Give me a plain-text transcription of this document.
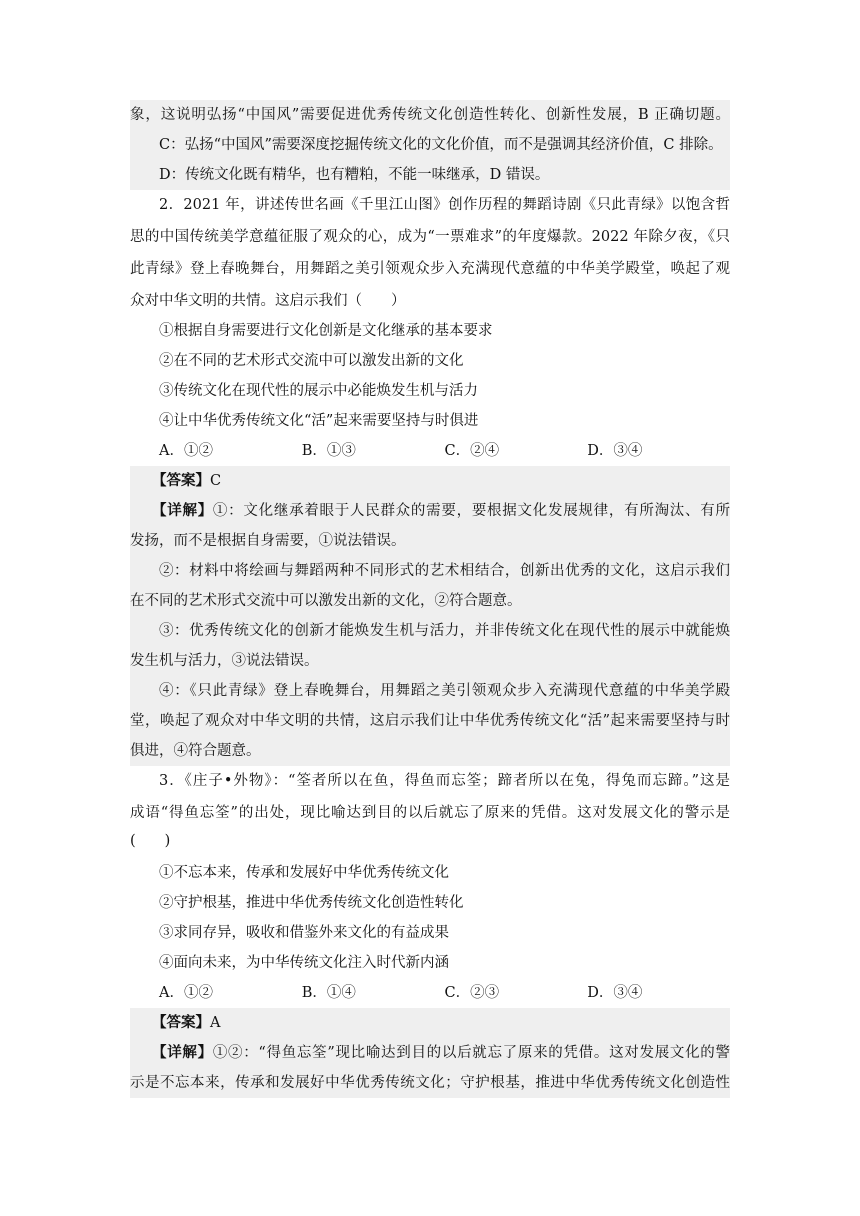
象，这说明弘扬“中国风”需要促进优秀传统文化创造性转化、创新性发展，B 正确切题。
C：弘扬“中国风”需要深度挖掘传统文化的文化价值，而不是强调其经济价值，C 排除。
D：传统文化既有精华，也有糟粕，不能一味继承，D 错误。
2．2021 年，讲述传世名画《千里江山图》创作历程的舞蹈诗剧《只此青绿》以饱含哲
思的中国传统美学意蕴征服了观众的心，成为“一票难求”的年度爆款。2022 年除夕夜，《只
此青绿》登上春晚舞台，用舞蹈之美引领观众步入充满现代意蕴的中华美学殿堂，唤起了观
众对中华文明的共情。这启示我们（　　）
①根据自身需要进行文化创新是文化继承的基本要求
②在不同的艺术形式交流中可以激发出新的文化
③传统文化在现代性的展示中必能焕发生机与活力
④让中华优秀传统文化“活”起来需要坚持与时俱进
A．①②	B．①③	C．②④	D．③④
【答案】C
【详解】①：文化继承着眼于人民群众的需要，要根据文化发展规律，有所淘汰、有所
发扬，而不是根据自身需要，①说法错误。
②：材料中将绘画与舞蹈两种不同形式的艺术相结合，创新出优秀的文化，这启示我们
在不同的艺术形式交流中可以激发出新的文化，②符合题意。
③：优秀传统文化的创新才能焕发生机与活力，并非传统文化在现代性的展示中就能焕
发生机与活力，③说法错误。
④：《只此青绿》登上春晚舞台，用舞蹈之美引领观众步入充满现代意蕴的中华美学殿
堂，唤起了观众对中华文明的共情，这启示我们让中华优秀传统文化“活”起来需要坚持与时
俱进，④符合题意。
3．《庄子•外物》：“筌者所以在鱼，得鱼而忘筌；蹄者所以在兔，得兔而忘蹄。”这是
成语“得鱼忘筌”的出处，现比喻达到目的以后就忘了原来的凭借。这对发展文化的警示是
(　　)
①不忘本来，传承和发展好中华优秀传统文化
②守护根基，推进中华优秀传统文化创造性转化
③求同存异，吸收和借鉴外来文化的有益成果
④面向未来，为中华传统文化注入时代新内涵
A．①②	B．①④	C．②③	D．③④
【答案】A
【详解】①②：“得鱼忘筌”现比喻达到目的以后就忘了原来的凭借。这对发展文化的警
示是不忘本来，传承和发展好中华优秀传统文化；守护根基，推进中华优秀传统文化创造性
